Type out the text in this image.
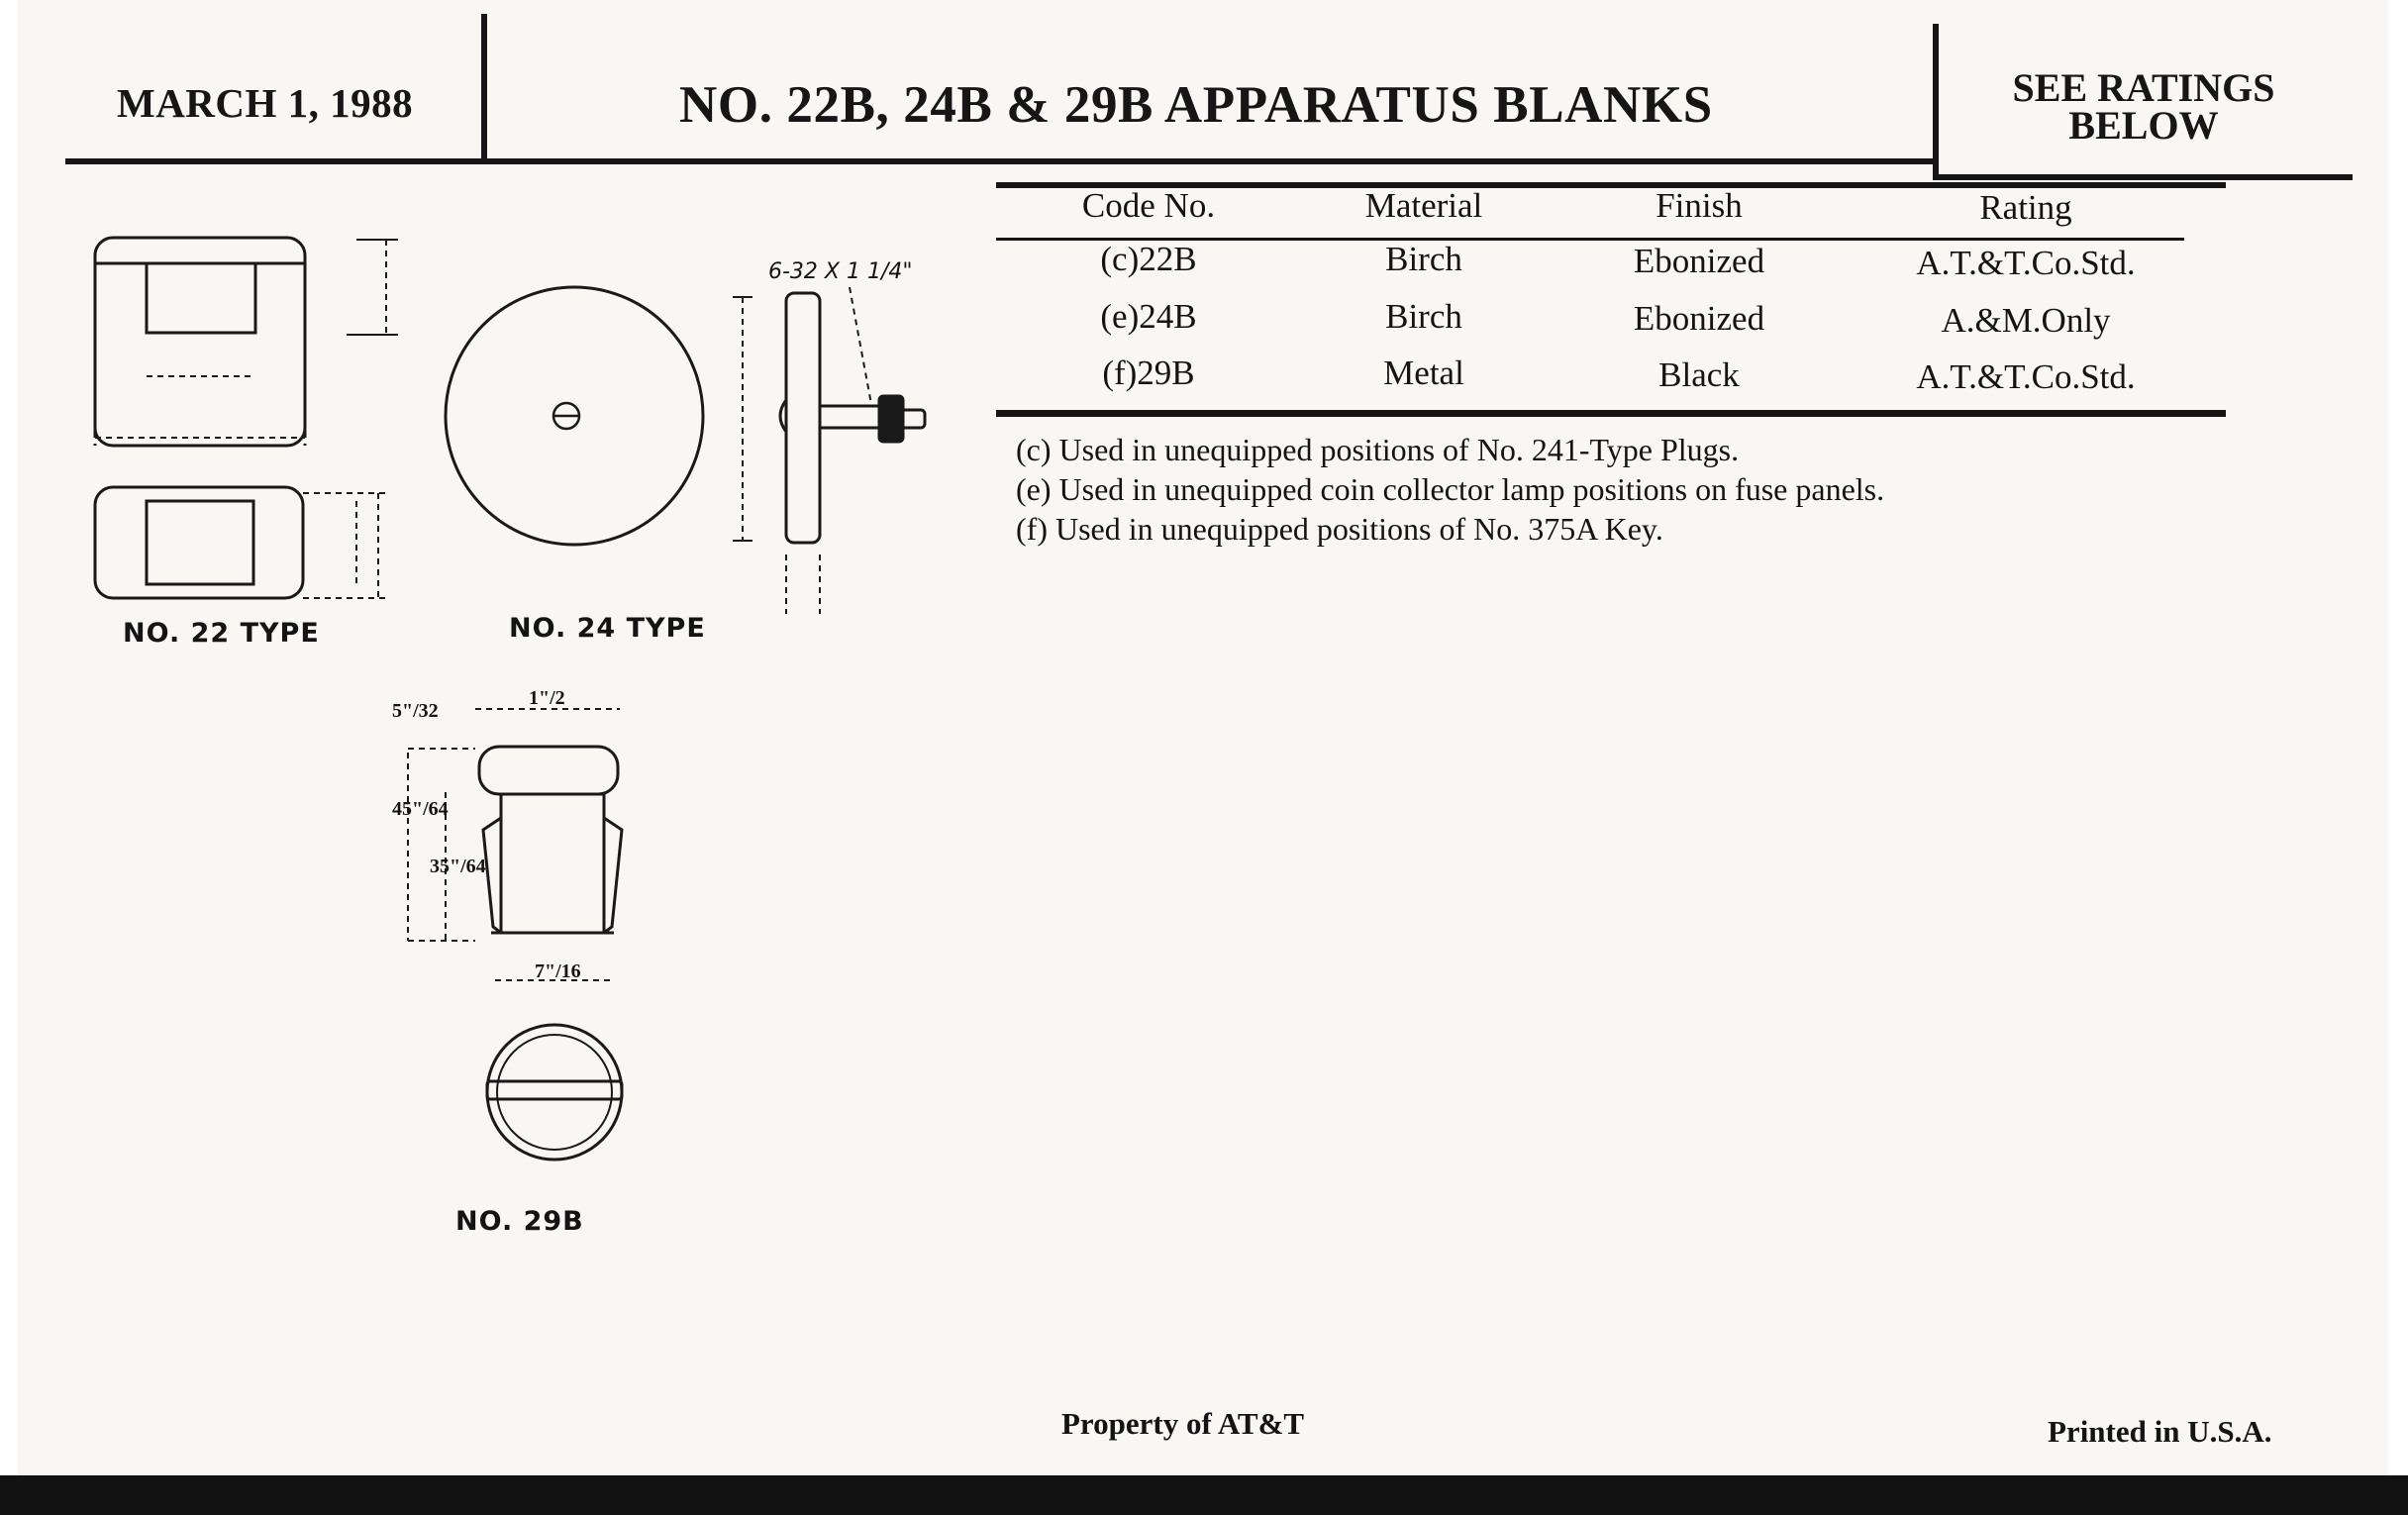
MARCH 1, 1988	NO. 22B, 24B & 29B APPARATUS BLANKS	SEE RATINGS
BELOW
Code No.	Material	Finish	Rating
(c)22B	Birch	Ebonized	A.T.&T.Co.Std.
(e)24B	Birch	Ebonized	A.&M.Only
(f)29B	Metal	Black	A.T.&T.Co.Std.
(c) Used in unequipped positions of No. 241-Type Plugs.
(e) Used in unequipped coin collector lamp positions on fuse panels.
(f) Used in unequipped positions of No. 375A Key.
NO. 22 TYPE	NO. 24 TYPE
NO. 29B
6-32 X 1 1/4"
5"/32
1"/2
45"/64
35"/64
7"/16
Property of AT&T	Printed in U.S.A.
